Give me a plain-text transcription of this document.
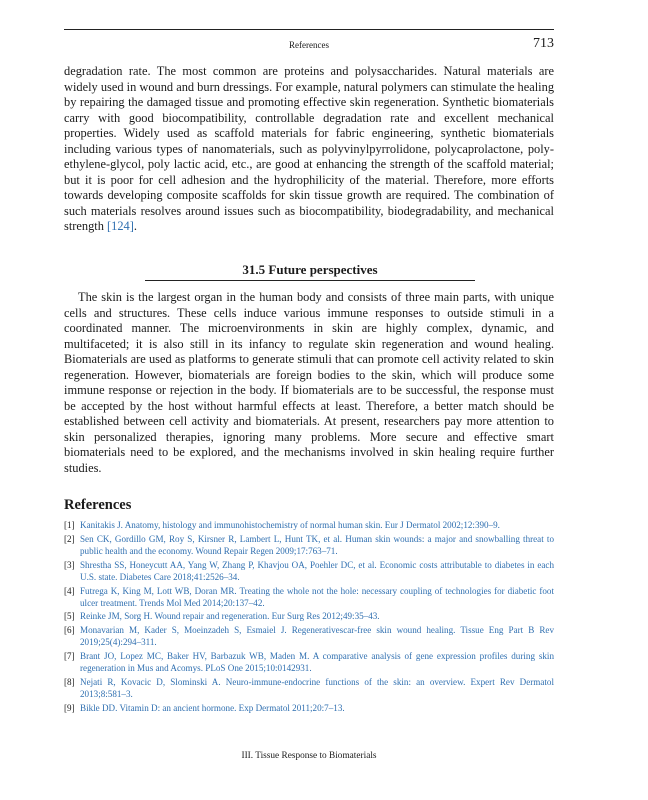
References	713

degradation rate. The most common are proteins and polysaccharides. Natural materials are widely used in wound and burn dressings. For example, natural polymers can stimulate the healing by repairing the damaged tissue and promoting effective skin regeneration. Synthetic biomaterials carry with good biocompatibility, controllable degradation rate and excellent mechanical properties. Widely used as scaffold materials for fabric engineering, synthetic biomaterials including various types of nanomaterials, such as polyvinylpyrrolidone, polycaprolactone, poly-ethylene-glycol, poly lactic acid, etc., are good at enhancing the strength of the scaffold material; but it is poor for cell adhesion and the hydrophilicity of the material. Therefore, more efforts towards developing composite scaffolds for skin tissue growth are required. The combination of such materials resolves around issues such as biocompatibility, biodegradability, and mechanical strength [124].

31.5 Future perspectives

The skin is the largest organ in the human body and consists of three main parts, with unique cells and structures. These cells induce various immune responses to outside stimuli in a coordinated manner. The microenvironments in skin are highly complex, dynamic, and multifaceted; it is also still in its infancy to regulate skin regeneration and wound healing. Biomaterials are used as platforms to generate stimuli that can promote cell activity related to skin regeneration. However, biomaterials are foreign bodies to the skin, which will produce some immune response or rejection in the body. If biomaterials are to be successful, the response must be accepted by the host without harmful effects at least. Therefore, a better match should be established between cell activity and biomaterials. At present, researchers pay more attention to skin personalized therapies, ignoring many problems. More secure and effective smart biomaterials need to be explored, and the mechanisms involved in skin healing require further studies.

References
[1] Kanitakis J. Anatomy, histology and immunohistochemistry of normal human skin. Eur J Dermatol 2002;12:390–9.
[2] Sen CK, Gordillo GM, Roy S, Kirsner R, Lambert L, Hunt TK, et al. Human skin wounds: a major and snowballing threat to public health and the economy. Wound Repair Regen 2009;17:763–71.
[3] Shrestha SS, Honeycutt AA, Yang W, Zhang P, Khavjou OA, Poehler DC, et al. Economic costs attributable to diabetes in each U.S. state. Diabetes Care 2018;41:2526–34.
[4] Futrega K, King M, Lott WB, Doran MR. Treating the whole not the hole: necessary coupling of technologies for diabetic foot ulcer treatment. Trends Mol Med 2014;20:137–42.
[5] Reinke JM, Sorg H. Wound repair and regeneration. Eur Surg Res 2012;49:35–43.
[6] Monavarian M, Kader S, Moeinzadeh S, Esmaiel J. Regenerativescar-free skin wound healing. Tissue Eng Part B Rev 2019;25(4):294–311.
[7] Brant JO, Lopez MC, Baker HV, Barbazuk WB, Maden M. A comparative analysis of gene expression profiles during skin regeneration in Mus and Acomys. PLoS One 2015;10:0142931.
[8] Nejati R, Kovacic D, Slominski A. Neuro-immune-endocrine functions of the skin: an overview. Expert Rev Dermatol 2013;8:581–3.
[9] Bikle DD. Vitamin D: an ancient hormone. Exp Dermatol 2011;20:7–13.
III. Tissue Response to Biomaterials
